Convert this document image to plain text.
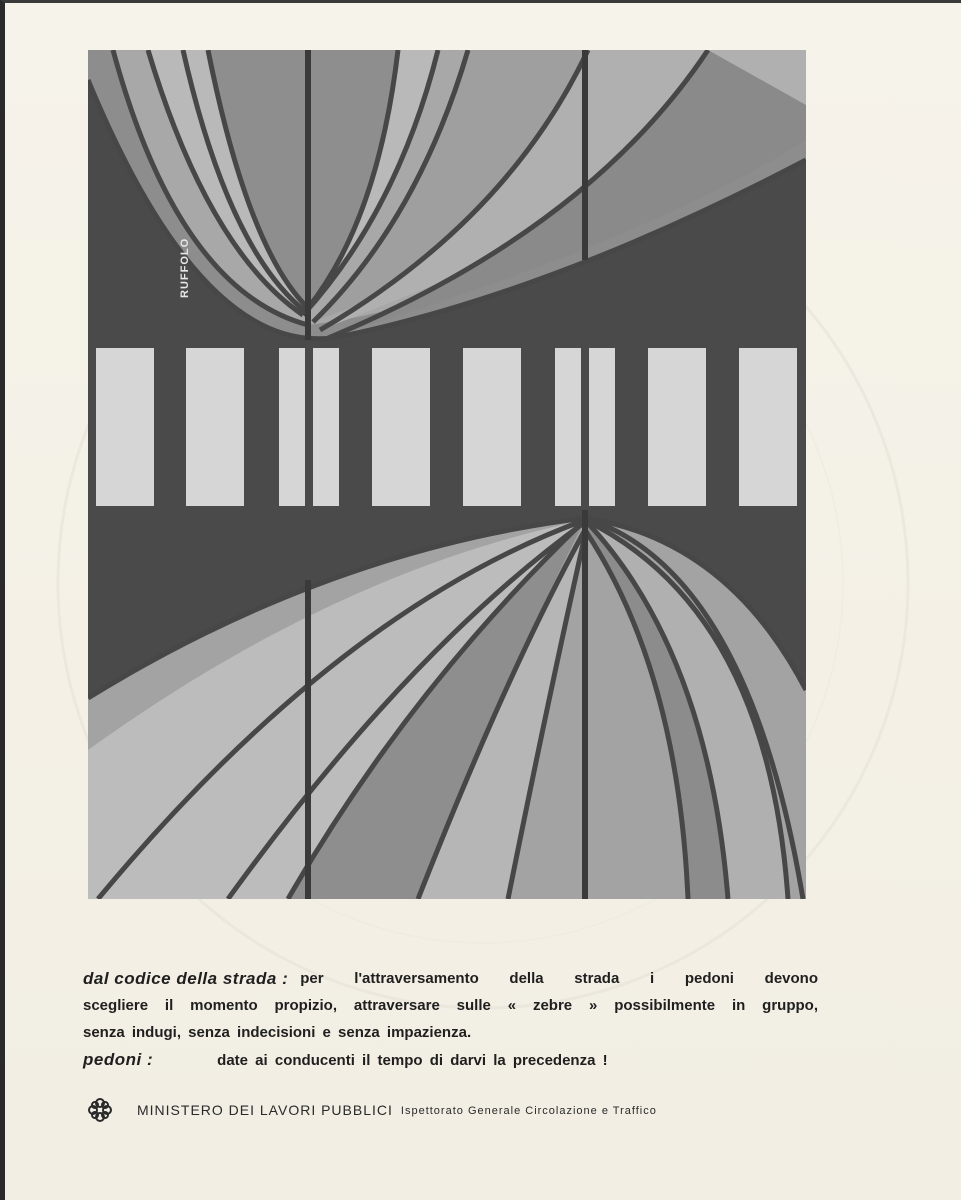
RUFFOLO
dal codice della strada : per l'attraversamento della strada i pedoni devono
scegliere il momento propizio, attraversare sulle « zebre » possibilmente in gruppo,
senza indugi, senza indecisioni e senza impazienza.
pedoni :	date ai conducenti il tempo di darvi la precedenza !
MINISTERO DEI LAVORI PUBBLICI Ispettorato Generale Circolazione e Traffico
